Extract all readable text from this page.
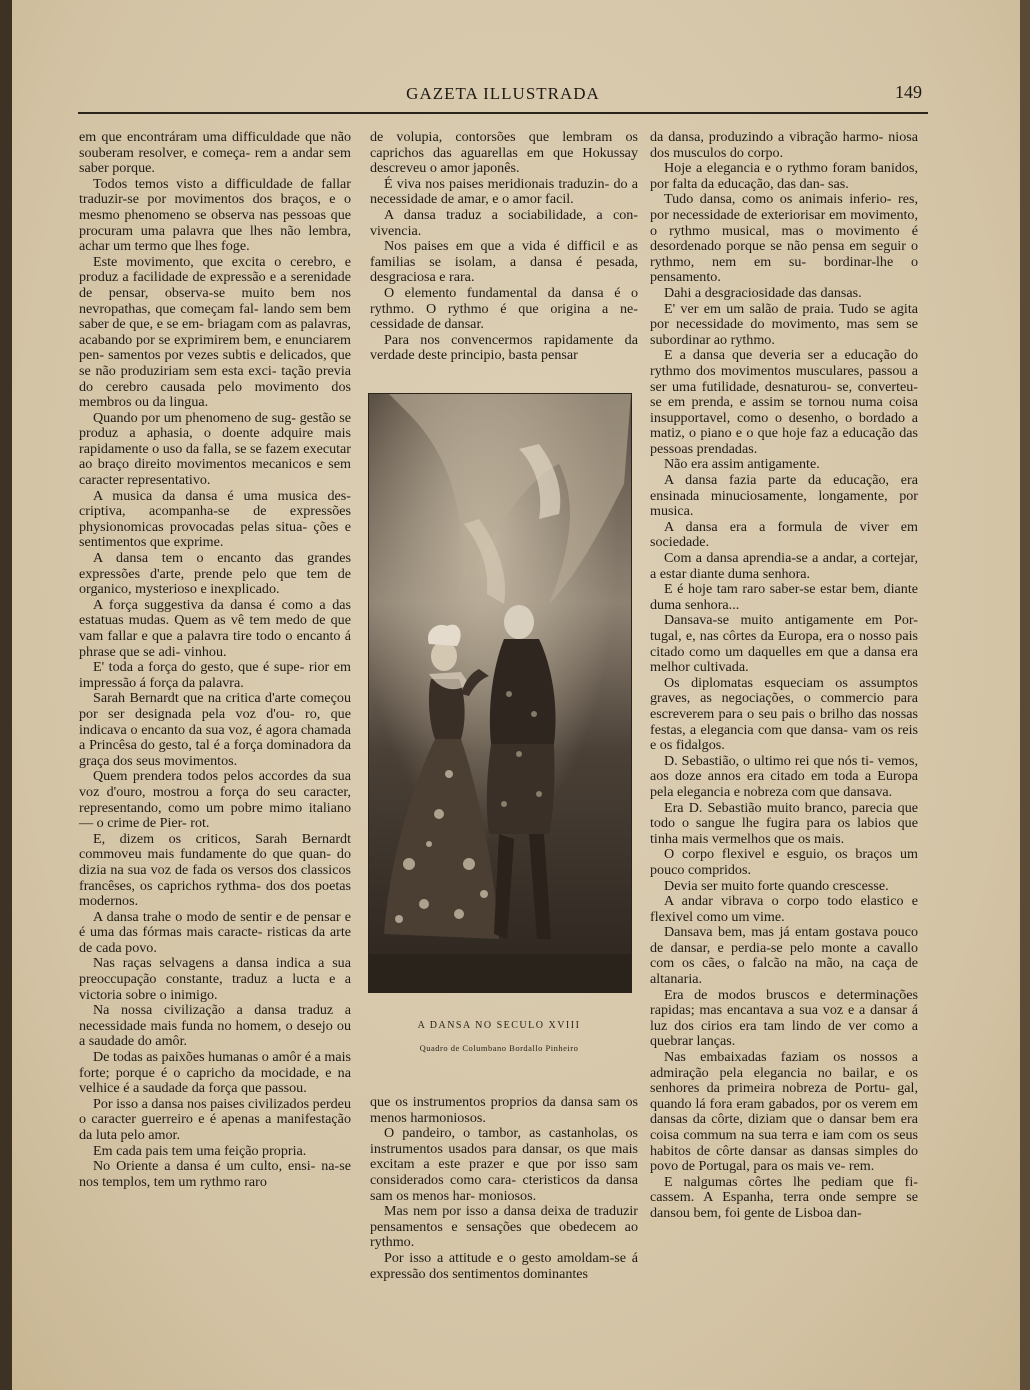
GAZETA ILLUSTRADA	149

em que encontráram uma difficuldade que não souberam resolver, e começa- rem a andar sem saber porque.

Todos temos visto a difficuldade de fallar traduzir-se por movimentos dos braços, e o mesmo phenomeno se observa nas pessoas que procuram uma palavra que lhes não lembra, achar um termo que lhes foge.

Este movimento, que excita o cerebro, e produz a facilidade de expressão e a serenidade de pensar, observa-se muito bem nos nevropathas, que começam fal- lando sem bem saber de que, e se em- briagam com as palavras, acabando por se exprimirem bem, e enunciarem pen- samentos por vezes subtis e delicados, que se não produziriam sem esta exci- tação previa do cerebro causada pelo movimento dos membros ou da lingua.

Quando por um phenomeno de sug- gestão se produz a aphasia, o doente adquire mais rapidamente o uso da falla, se se fazem executar ao braço direito movimentos mecanicos e sem caracter representativo.

A musica da dansa é uma musica des- criptiva, acompanha-se de expressões physionomicas provocadas pelas situa- ções e sentimentos que exprime.

A dansa tem o encanto das grandes expressões d'arte, prende pelo que tem de organico, mysterioso e inexplicado.

A força suggestiva da dansa é como a das estatuas mudas. Quem as vê tem medo de que vam fallar e que a palavra tire todo o encanto á phrase que se adi- vinhou.

E' toda a força do gesto, que é supe- rior em impressão á força da palavra.

Sarah Bernardt que na critica d'arte começou por ser designada pela voz d'ou- ro, que indicava o encanto da sua voz, é agora chamada a Princêsa do gesto, tal é a força dominadora da graça dos seus movimentos.

Quem prendera todos pelos accordes da sua voz d'ouro, mostrou a força do seu caracter, representando, como um pobre mimo italiano — o crime de Pier- rot.

E, dizem os criticos, Sarah Bernardt commoveu mais fundamente do que quan- do dizia na sua voz de fada os versos dos classicos francêses, os caprichos rythma- dos dos poetas modernos.

A dansa trahe o modo de sentir e de pensar e é uma das fórmas mais caracte- risticas da arte de cada povo.

Nas raças selvagens a dansa indica a sua preoccupação constante, traduz a lucta e a victoria sobre o inimigo.

Na nossa civilização a dansa traduz a necessidade mais funda no homem, o desejo ou a saudade do amôr.

De todas as paixões humanas o amôr é a mais forte; porque é o capricho da mocidade, e na velhice é a saudade da força que passou.

Por isso a dansa nos paises civilizados perdeu o caracter guerreiro e é apenas a manifestação da luta pelo amor.

Em cada pais tem uma feição propria.

No Oriente a dansa é um culto, ensi- na-se nos templos, tem um rythmo raro

de volupia, contorsões que lembram os caprichos das aguarellas em que Hokussay descreveu o amor japonês.

É viva nos paises meridionais traduzin- do a necessidade de amar, e o amor facil.

A dansa traduz a sociabilidade, a con- vivencia.

Nos paises em que a vida é difficil e as familias se isolam, a dansa é pesada, desgraciosa e rara.

O elemento fundamental da dansa é o rythmo. O rythmo é que origina a ne- cessidade de dansar.

Para nos convencermos rapidamente da verdade deste principio, basta pensar

A DANSA NO SECULO XVIII
Quadro de Columbano Bordallo Pinheiro

que os instrumentos proprios da dansa sam os menos harmoniosos.

O pandeiro, o tambor, as castanholas, os instrumentos usados para dansar, os que mais excitam a este prazer e que por isso sam considerados como cara- cteristicos da dansa sam os menos har- moniosos.

Mas nem por isso a dansa deixa de traduzir pensamentos e sensações que obedecem ao rythmo.

Por isso a attitude e o gesto amoldam-se á expressão dos sentimentos dominantes

da dansa, produzindo a vibração harmo- niosa dos musculos do corpo.

Hoje a elegancia e o rythmo foram banidos, por falta da educação, das dan- sas.

Tudo dansa, como os animais inferio- res, por necessidade de exteriorisar em movimento, o rythmo musical, mas o movimento é desordenado porque se não pensa em seguir o rythmo, nem em su- bordinar-lhe o pensamento.

Dahi a desgraciosidade das dansas.

E' ver em um salão de praia. Tudo se agita por necessidade do movimento, mas sem se subordinar ao rythmo.

E a dansa que deveria ser a educação do rythmo dos movimentos musculares, passou a ser uma futilidade, desnaturou- se, converteu-se em prenda, e assim se tornou numa coisa insupportavel, como o desenho, o bordado a matiz, o piano e o que hoje faz a educação das pessoas prendadas.

Não era assim antigamente.

A dansa fazia parte da educação, era ensinada minuciosamente, longamente, por musica.

A dansa era a formula de viver em sociedade.

Com a dansa aprendia-se a andar, a cortejar, a estar diante duma senhora.

E é hoje tam raro saber-se estar bem, diante duma senhora...

Dansava-se muito antigamente em Por- tugal, e, nas côrtes da Europa, era o nosso pais citado como um daquelles em que a dansa era melhor cultivada.

Os diplomatas esqueciam os assumptos graves, as negociações, o commercio para escreverem para o seu pais o brilho das nossas festas, a elegancia com que dansa- vam os reis e os fidalgos.

D. Sebastião, o ultimo rei que nós ti- vemos, aos doze annos era citado em toda a Europa pela elegancia e nobreza com que dansava.

Era D. Sebastião muito branco, parecia que todo o sangue lhe fugira para os labios que tinha mais vermelhos que os mais.

O corpo flexivel e esguio, os braços um pouco compridos.

Devia ser muito forte quando crescesse.

A andar vibrava o corpo todo elastico e flexivel como um vime.

Dansava bem, mas já entam gostava pouco de dansar, e perdia-se pelo monte a cavallo com os cães, o falcão na mão, na caça de altanaria.

Era de modos bruscos e determinações rapidas; mas encantava a sua voz e a dansar á luz dos cirios era tam lindo de ver como a quebrar lanças.

Nas embaixadas faziam os nossos a admiração pela elegancia no bailar, e os senhores da primeira nobreza de Portu- gal, quando lá fora eram gabados, por os verem em dansas da côrte, diziam que o dansar bem era coisa commum na sua terra e iam com os seus habitos de côrte dansar as dansas simples do povo de Portugal, para os mais ve- rem.

E nalgumas côrtes lhe pediam que fi- cassem. A Espanha, terra onde sempre se dansou bem, foi gente de Lisboa dan-
